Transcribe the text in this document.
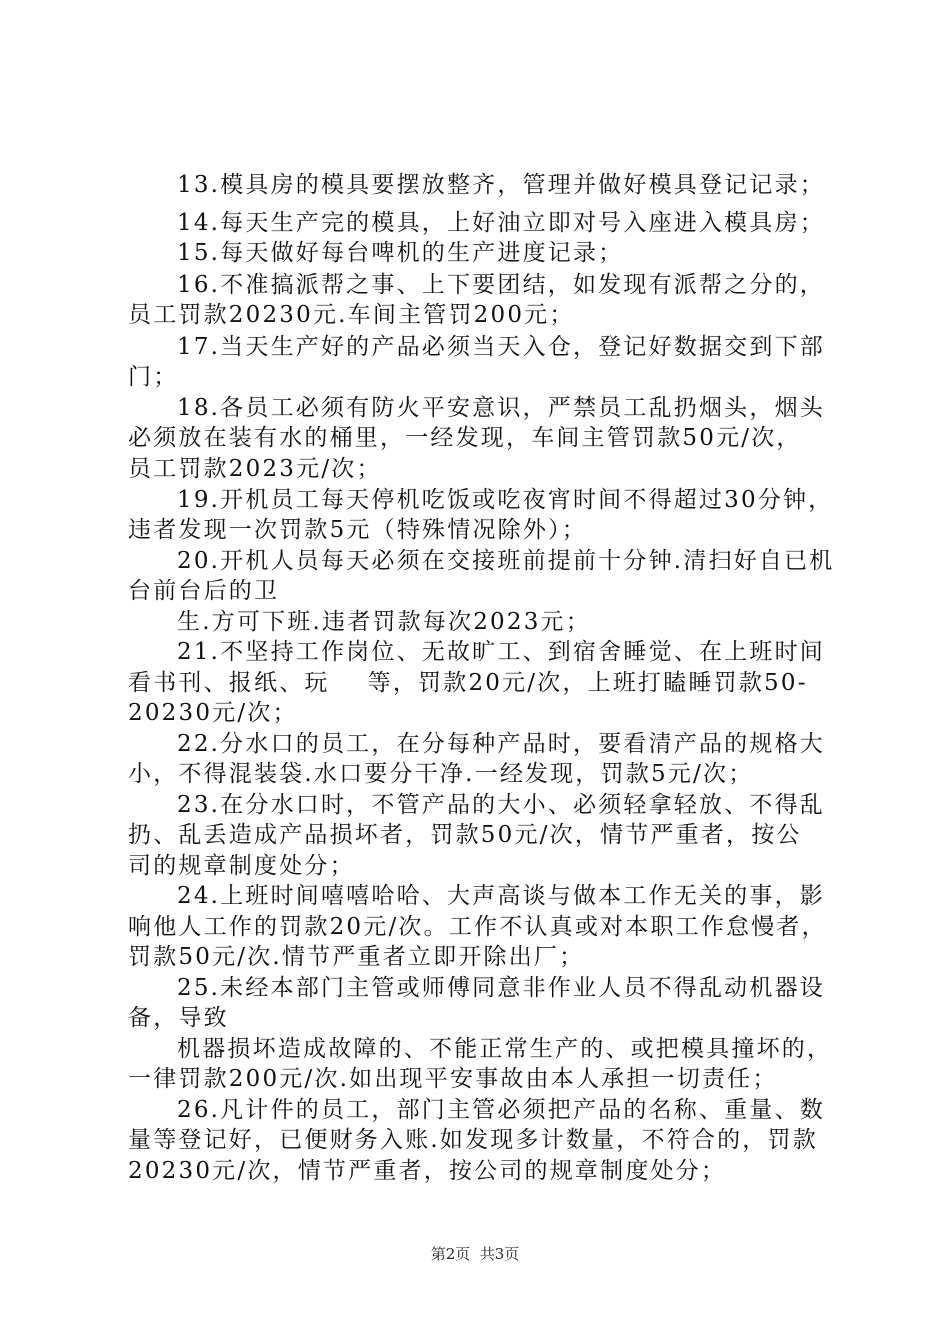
13.模具房的模具要摆放整齐，管理并做好模具登记记录；
14.每天生产完的模具，上好油立即对号入座进入模具房；
15.每天做好每台啤机的生产进度记录；
16.不准搞派帮之事、上下要团结，如发现有派帮之分的，
员工罚款20230元.车间主管罚200元；
17.当天生产好的产品必须当天入仓，登记好数据交到下部
门；
18.各员工必须有防火平安意识，严禁员工乱扔烟头，烟头
必须放在装有水的桶里，一经发现，车间主管罚款50元/次，
员工罚款2023元/次；
19.开机员工每天停机吃饭或吃夜宵时间不得超过30分钟，
违者发现一次罚款5元（特殊情况除外）；
20.开机人员每天必须在交接班前提前十分钟.清扫好自已机
台前台后的卫
生.方可下班.违者罚款每次2023元；
21.不坚持工作岗位、无故旷工、到宿舍睡觉、在上班时间
看书刊、报纸、玩    等，罚款20元/次，上班打瞌睡罚款50-
20230元/次；
22.分水口的员工，在分每种产品时，要看清产品的规格大
小，不得混装袋.水口要分干净.一经发现，罚款5元/次；
23.在分水口时，不管产品的大小、必须轻拿轻放、不得乱
扔、乱丢造成产品损坏者，罚款50元/次，情节严重者，按公
司的规章制度处分；
24.上班时间嘻嘻哈哈、大声高谈与做本工作无关的事，影
响他人工作的罚款20元/次。工作不认真或对本职工作怠慢者，
罚款50元/次.情节严重者立即开除出厂；
25.未经本部门主管或师傅同意非作业人员不得乱动机器设
备，导致
机器损坏造成故障的、不能正常生产的、或把模具撞坏的，
一律罚款200元/次.如出现平安事故由本人承担一切责任；
26.凡计件的员工，部门主管必须把产品的名称、重量、数
量等登记好，已便财务入账.如发现多计数量，不符合的，罚款
20230元/次，情节严重者，按公司的规章制度处分；
第2页  共3页
